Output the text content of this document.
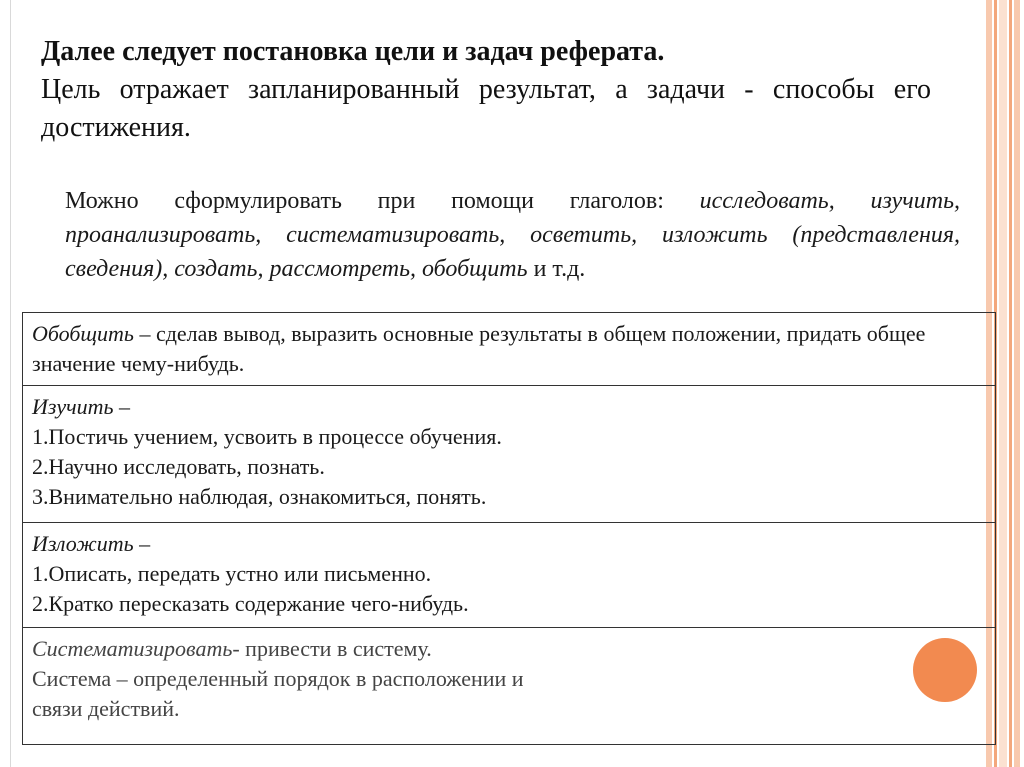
Далее следует постановка цели и задач реферата.
Цель отражает запланированный результат, а задачи - способы его достижения.
Можно сформулировать при помощи глаголов: исследовать, изучить, проанализировать, систематизировать, осветить, изложить (представления, сведения), создать, рассмотреть, обобщить и т.д.
Обобщить – сделав вывод, выразить основные результаты в общем положении, придать общее значение чему-нибудь.
Изучить –
1.Постичь учением, усвоить в процессе обучения.
2.Научно исследовать, познать.
3.Внимательно наблюдая, ознакомиться, понять.
Изложить –
1.Описать, передать устно или письменно.
2.Кратко пересказать содержание чего-нибудь.
Систематизировать- привести в систему.
Система – определенный порядок в расположении и
связи действий.
